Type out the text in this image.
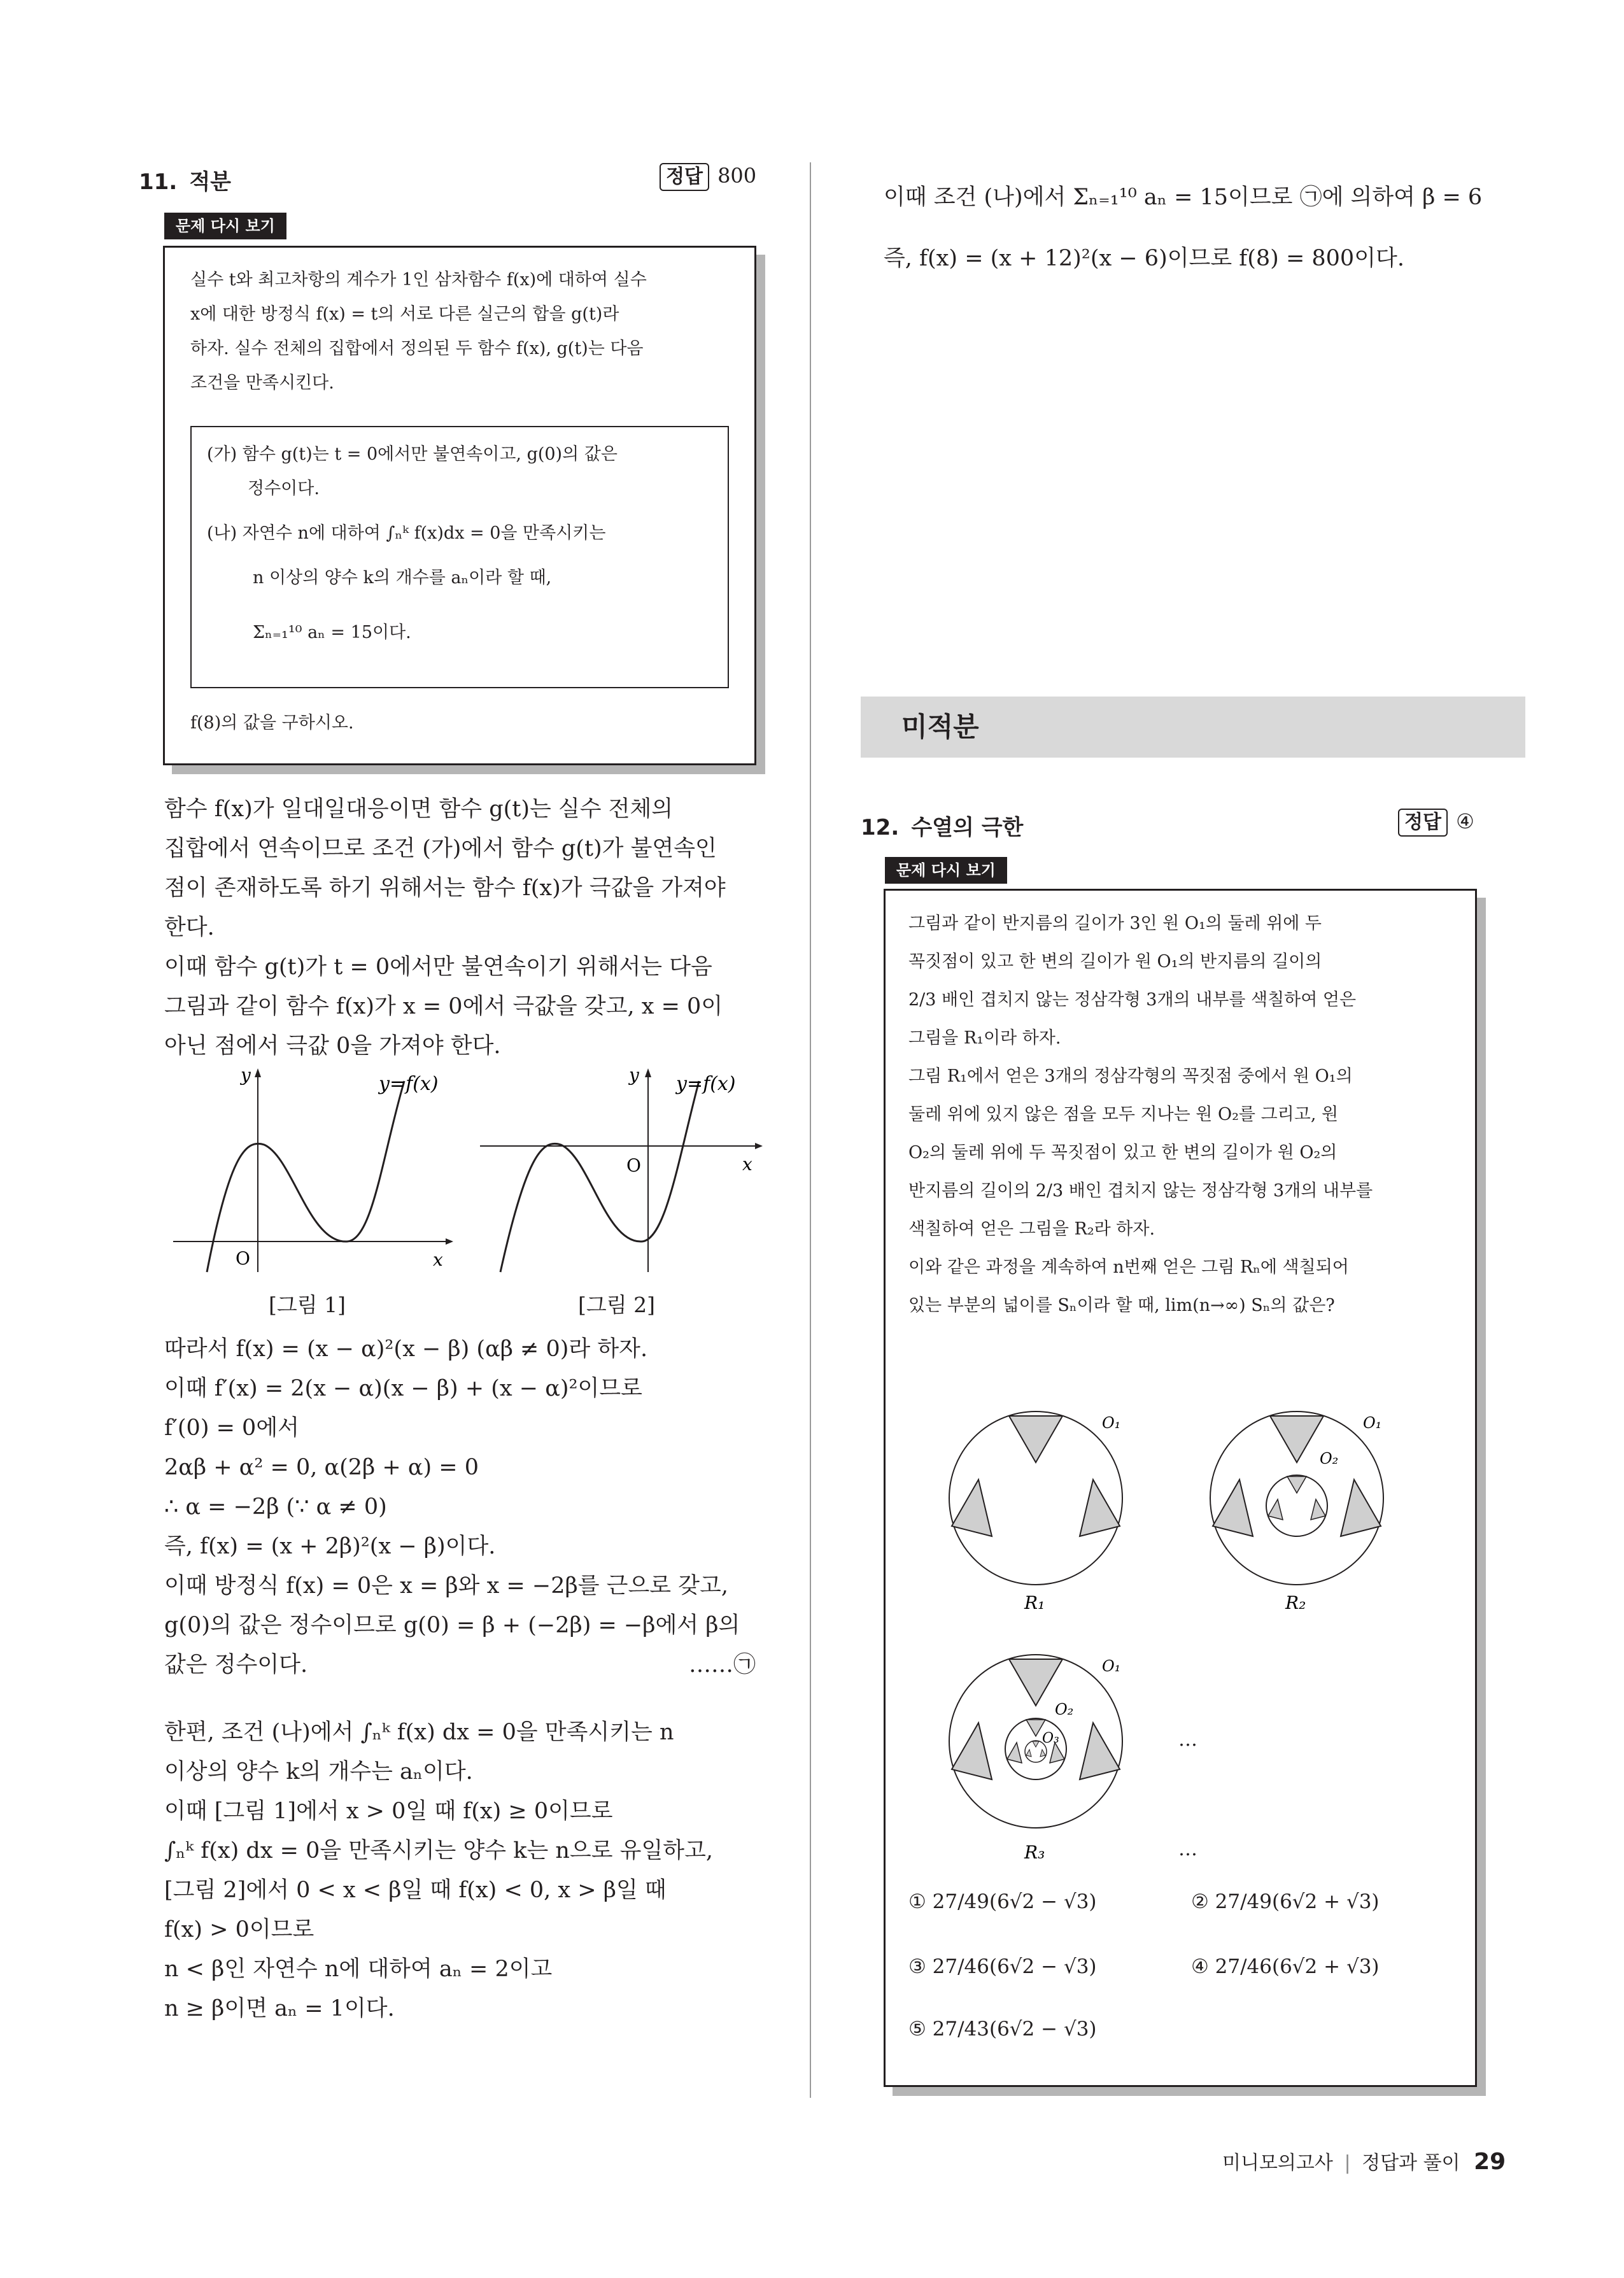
11. 적분	정답 800
문제 다시 보기
실수 t와 최고차항의 계수가 1인 삼차함수 f(x)에 대하여 실수
x에 대한 방정식 f(x) = t의 서로 다른 실근의 합을 g(t)라
하자. 실수 전체의 집합에서 정의된 두 함수 f(x), g(t)는 다음
조건을 만족시킨다.
(가) 함수 g(t)는 t = 0에서만 불연속이고, g(0)의 값은
정수이다.
(나) 자연수 n에 대하여 ∫ₙᵏ f(x)dx = 0을 만족시키는
n 이상의 양수 k의 개수를 aₙ이라 할 때,
Σₙ₌₁¹⁰ aₙ = 15이다.
f(8)의 값을 구하시오.
함수 f(x)가 일대일대응이면 함수 g(t)는 실수 전체의
집합에서 연속이므로 조건 (가)에서 함수 g(t)가 불연속인
점이 존재하도록 하기 위해서는 함수 f(x)가 극값을 가져야
한다.
이때 함수 g(t)가 t = 0에서만 불연속이기 위해서는 다음
그림과 같이 함수 f(x)가 x = 0에서 극값을 갖고, x = 0이
아닌 점에서 극값 0을 가져야 한다.
y	y=f(x)
O	x
[그림 1]
y y=f(x)
O	x
[그림 2]
따라서 f(x) = (x − α)²(x − β) (αβ ≠ 0)라 하자.
이때 f′(x) = 2(x − α)(x − β) + (x − α)²이므로
f′(0) = 0에서
2αβ + α² = 0, α(2β + α) = 0
∴ α = −2β (∵ α ≠ 0)
즉, f(x) = (x + 2β)²(x − β)이다.
이때 방정식 f(x) = 0은 x = β와 x = −2β를 근으로 갖고,
g(0)의 값은 정수이므로 g(0) = β + (−2β) = −β에서 β의
값은 정수이다.	……㉠
한편, 조건 (나)에서 ∫ₙᵏ f(x) dx = 0을 만족시키는 n
이상의 양수 k의 개수는 aₙ이다.
이때 [그림 1]에서 x > 0일 때 f(x) ≥ 0이므로
∫ₙᵏ f(x) dx = 0을 만족시키는 양수 k는 n으로 유일하고,
[그림 2]에서 0 < x < β일 때 f(x) < 0, x > β일 때
f(x) > 0이므로
n < β인 자연수 n에 대하여 aₙ = 2이고
n ≥ β이면 aₙ = 1이다.
이때 조건 (나)에서 Σₙ₌₁¹⁰ aₙ = 15이므로 ㉠에 의하여 β = 6
즉, f(x) = (x + 12)²(x − 6)이므로 f(8) = 800이다.
미적분
12. 수열의 극한	정답 ④
문제 다시 보기
그림과 같이 반지름의 길이가 3인 원 O₁의 둘레 위에 두
꼭짓점이 있고 한 변의 길이가 원 O₁의 반지름의 길이의
2/3 배인 겹치지 않는 정삼각형 3개의 내부를 색칠하여 얻은
그림을 R₁이라 하자.
그림 R₁에서 얻은 3개의 정삼각형의 꼭짓점 중에서 원 O₁의
둘레 위에 있지 않은 점을 모두 지나는 원 O₂를 그리고, 원
O₂의 둘레 위에 두 꼭짓점이 있고 한 변의 길이가 원 O₂의
반지름의 길이의 2/3 배인 겹치지 않는 정삼각형 3개의 내부를
색칠하여 얻은 그림을 R₂라 하자.
이와 같은 과정을 계속하여 n번째 얻은 그림 Rₙ에 색칠되어
있는 부분의 넓이를 Sₙ이라 할 때, lim(n→∞) Sₙ의 값은?
O₁
R₁
O₁
O₂
R₂
O₁
O₂
O₃
R₃
…
…
① 27/49(6√2 − √3)	② 27/49(6√2 + √3)
③ 27/46(6√2 − √3)	④ 27/46(6√2 + √3)
⑤ 27/43(6√2 − √3)
미니모의고사 | 정답과 풀이 29
